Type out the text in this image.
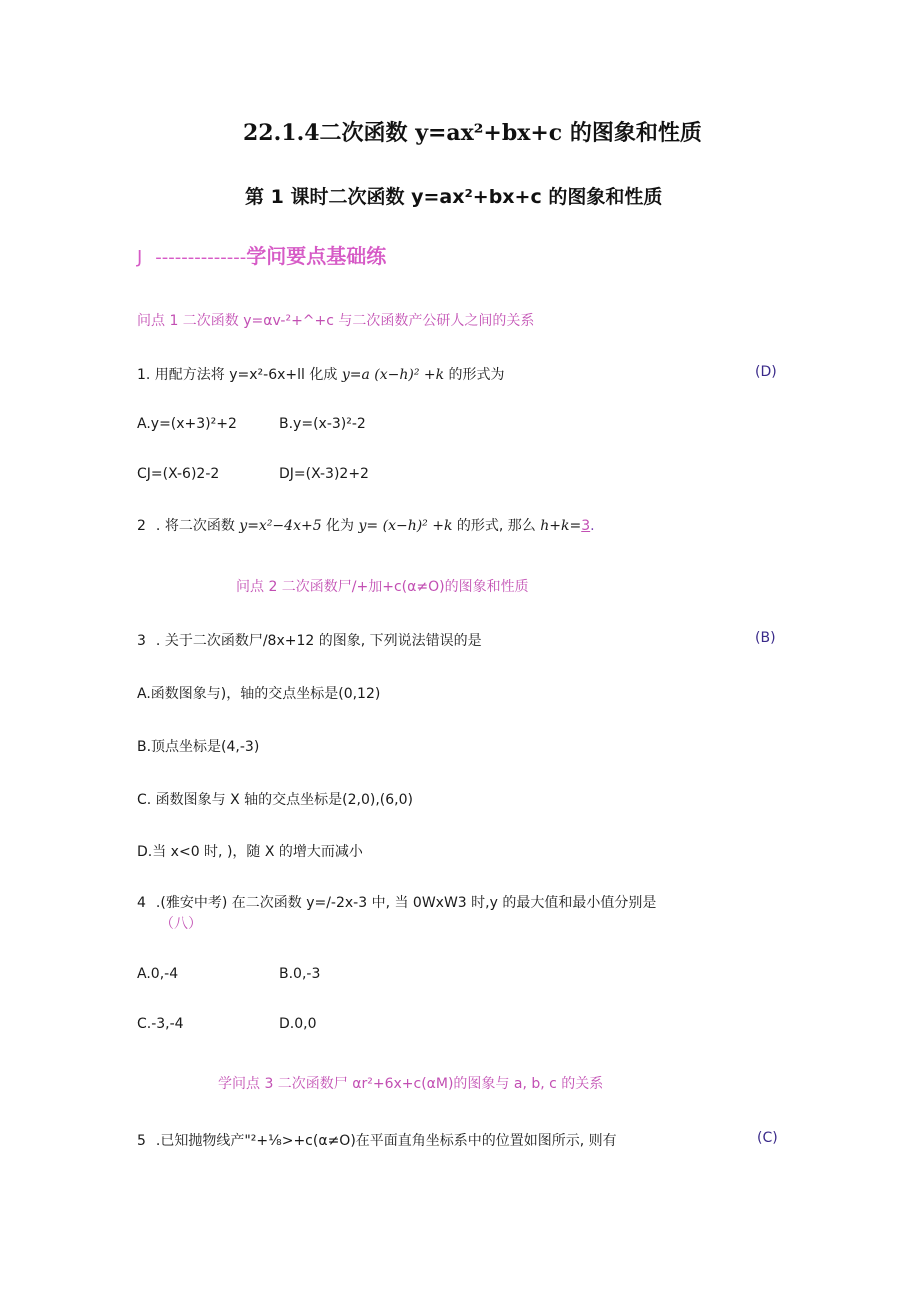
22.1.4二次函数 y=ax²+bx+c 的图象和性质
第 1 课时二次函数 y=ax²+bx+c 的图象和性质
J --------------学问要点基础练
问点 1 二次函数 y=αv-²+^+c 与二次函数产公研人之间的关系
1. 用配方法将 y=x²-6x+ll 化成 y=a (x−h)² +k 的形式为	(D)
A.y=(x+3)²+2	B.y=(x-3)²-2
CJ=(X-6)2-2	DJ=(X-3)2+2
2 . 将二次函数 y=x²−4x+5 化为 y= (x−h)² +k 的形式, 那么 h+k=3.
问点 2 二次函数尸/+加+c(α≠O)的图象和性质
3 . 关于二次函数尸/8x+12 的图象, 下列说法错误的是	(B)
A.函数图象与)，轴的交点坐标是(0,12)
B.顶点坐标是(4,-3)
C. 函数图象与 X 轴的交点坐标是(2,0),(6,0)
D.当 x<0 时, )，随 X 的增大而减小
4 .(雅安中考) 在二次函数 y=/-2x-3 中, 当 0WxW3 时,y 的最大值和最小值分别是
（八）
A.0,-4	B.0,-3
C.-3,-4	D.0,0
学问点 3 二次函数尸 αr²+6x+c(αM)的图象与 a, b, c 的关系
5 .已知抛物线产"²+⅛>+c(α≠O)在平面直角坐标系中的位置如图所示, 则有	(C)
